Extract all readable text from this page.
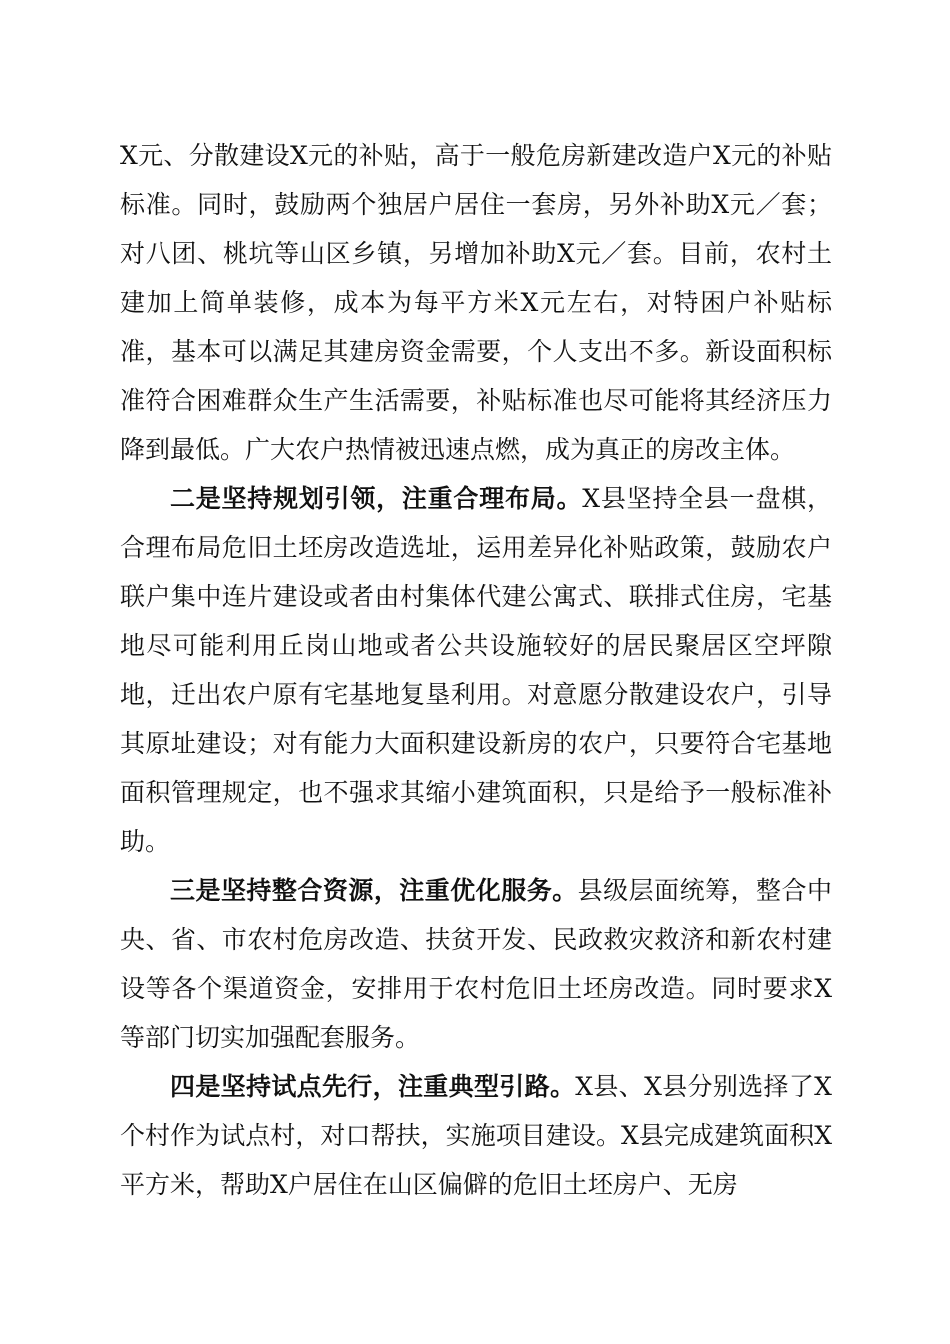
X元、分散建设X元的补贴，高于一般危房新建改造户X元的补贴标准。同时，鼓励两个独居户居住一套房，另外补助X元／套；对八团、桃坑等山区乡镇，另增加补助X元／套。目前，农村土建加上简单装修，成本为每平方米X元左右，对特困户补贴标准，基本可以满足其建房资金需要，个人支出不多。新设面积标准符合困难群众生产生活需要，补贴标准也尽可能将其经济压力降到最低。广大农户热情被迅速点燃，成为真正的房改主体。

二是坚持规划引领，注重合理布局。X县坚持全县一盘棋，合理布局危旧土坯房改造选址，运用差异化补贴政策，鼓励农户联户集中连片建设或者由村集体代建公寓式、联排式住房，宅基地尽可能利用丘岗山地或者公共设施较好的居民聚居区空坪隙地，迁出农户原有宅基地复垦利用。对意愿分散建设农户，引导其原址建设；对有能力大面积建设新房的农户，只要符合宅基地面积管理规定，也不强求其缩小建筑面积，只是给予一般标准补助。

三是坚持整合资源，注重优化服务。县级层面统筹，整合中央、省、市农村危房改造、扶贫开发、民政救灾救济和新农村建设等各个渠道资金，安排用于农村危旧土坯房改造。同时要求X等部门切实加强配套服务。

四是坚持试点先行，注重典型引路。X县、X县分别选择了X个村作为试点村，对口帮扶，实施项目建设。X县完成建筑面积X平方米，帮助X户居住在山区偏僻的危旧土坯房户、无房
